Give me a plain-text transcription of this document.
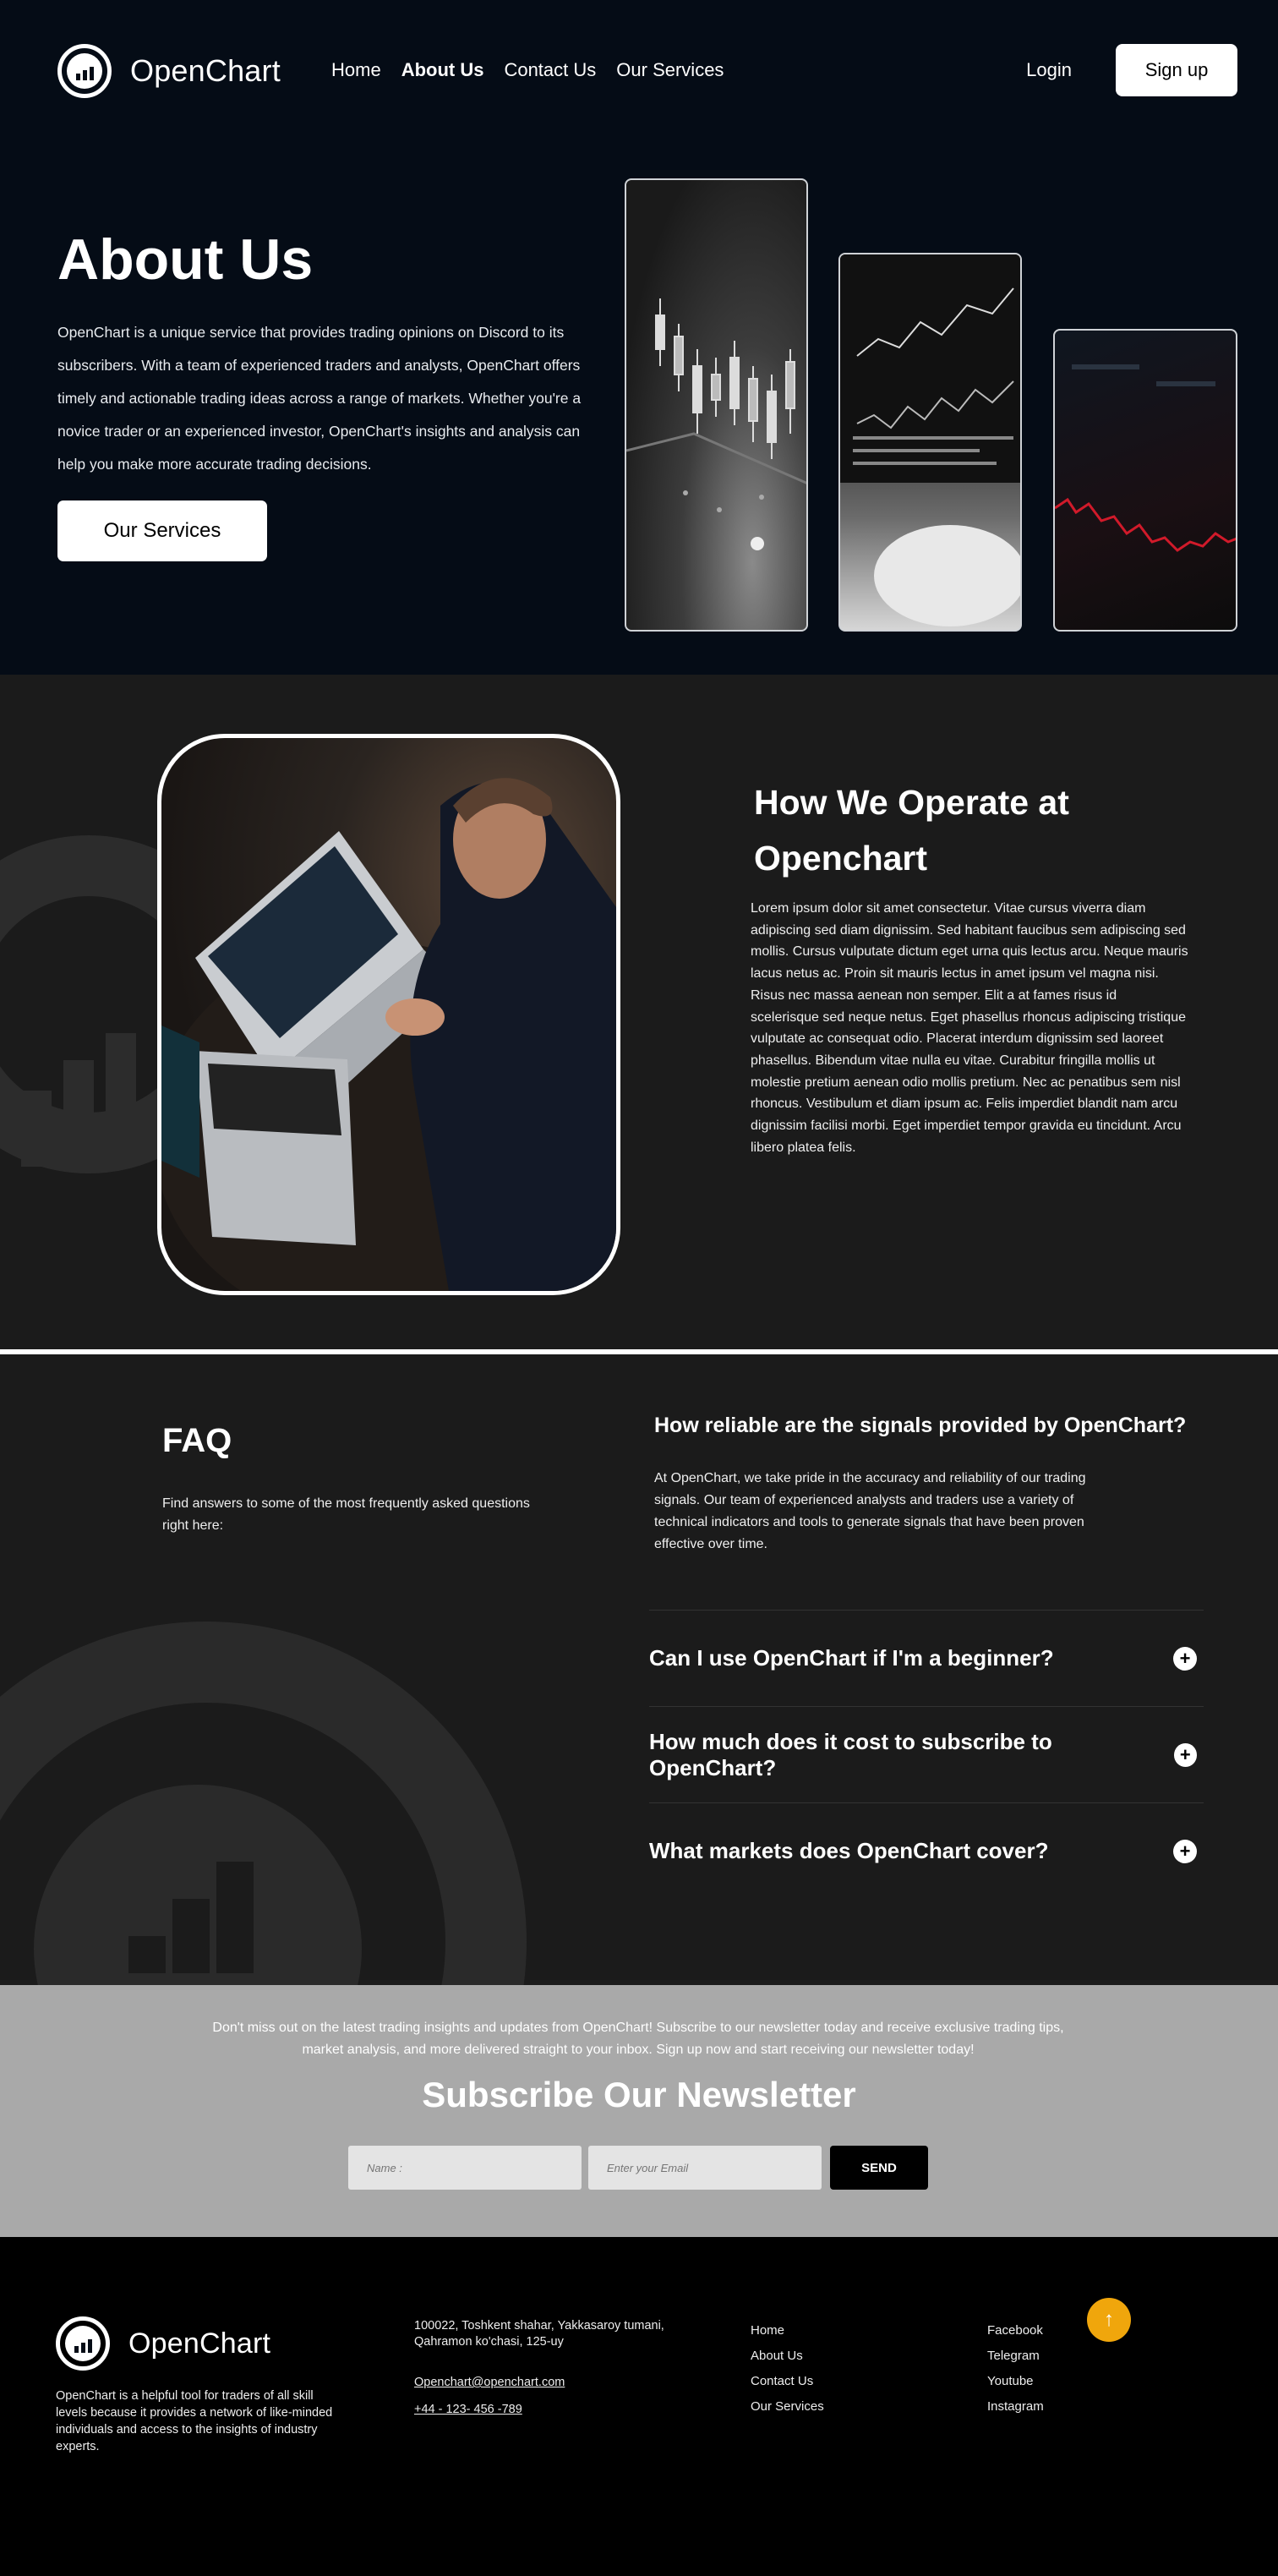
OpenChart	Home About Us Contact Us Our Services	Login	Sign up
About Us

OpenChart is a unique service that provides trading opinions on Discord to its subscribers. With a team of experienced traders and analysts, OpenChart offers timely and actionable trading ideas across a range of markets. Whether you're a novice trader or an experienced investor, OpenChart's insights and analysis can help you make more accurate trading decisions.

Our Services
How We Operate at Openchart

Lorem ipsum dolor sit amet consectetur. Vitae cursus viverra diam adipiscing sed diam dignissim. Sed habitant faucibus sem adipiscing sed mollis. Cursus vulputate dictum eget urna quis lectus arcu. Neque mauris lacus netus ac. Proin sit mauris lectus in amet ipsum vel magna nisi. Risus nec massa aenean non semper. Elit a at fames risus id scelerisque sed neque netus. Eget phasellus rhoncus adipiscing tristique vulputate ac consequat odio. Placerat interdum dignissim sed laoreet phasellus. Bibendum vitae nulla eu vitae. Curabitur fringilla mollis ut molestie pretium aenean odio mollis pretium. Nec ac penatibus sem nisl rhoncus. Vestibulum et diam ipsum ac. Felis imperdiet blandit nam arcu dignissim facilisi morbi. Eget imperdiet tempor gravida eu tincidunt. Arcu libero platea felis.

FAQ

Find answers to some of the most frequently asked questions right here:

How reliable are the signals provided by OpenChart?

At OpenChart, we take pride in the accuracy and reliability of our trading signals. Our team of experienced analysts and traders use a variety of technical indicators and tools to generate signals that have been proven effective over time.

Can I use OpenChart if I'm a beginner?	+
How much does it cost to subscribe to OpenChart?
+
What markets does OpenChart cover?	+

Don't miss out on the latest trading insights and updates from OpenChart! Subscribe to our newsletter today and receive exclusive trading tips, market analysis, and more delivered straight to your inbox. Sign up now and start receiving our newsletter today!

Subscribe Our Newsletter
Name :
Enter your Email
SEND
OpenChart

OpenChart is a helpful tool for traders of all skill levels because it provides a network of like-minded individuals and access to the insights of industry experts.

100022, Toshkent shahar, Yakkasaroy tumani, Qahramon ko'chasi, 125-uy

Openchart@openchart.com
+44 - 123- 456 -789
Home
About Us
Contact Us
Our Services
Facebook
Telegram
Youtube
Instagram
↑
